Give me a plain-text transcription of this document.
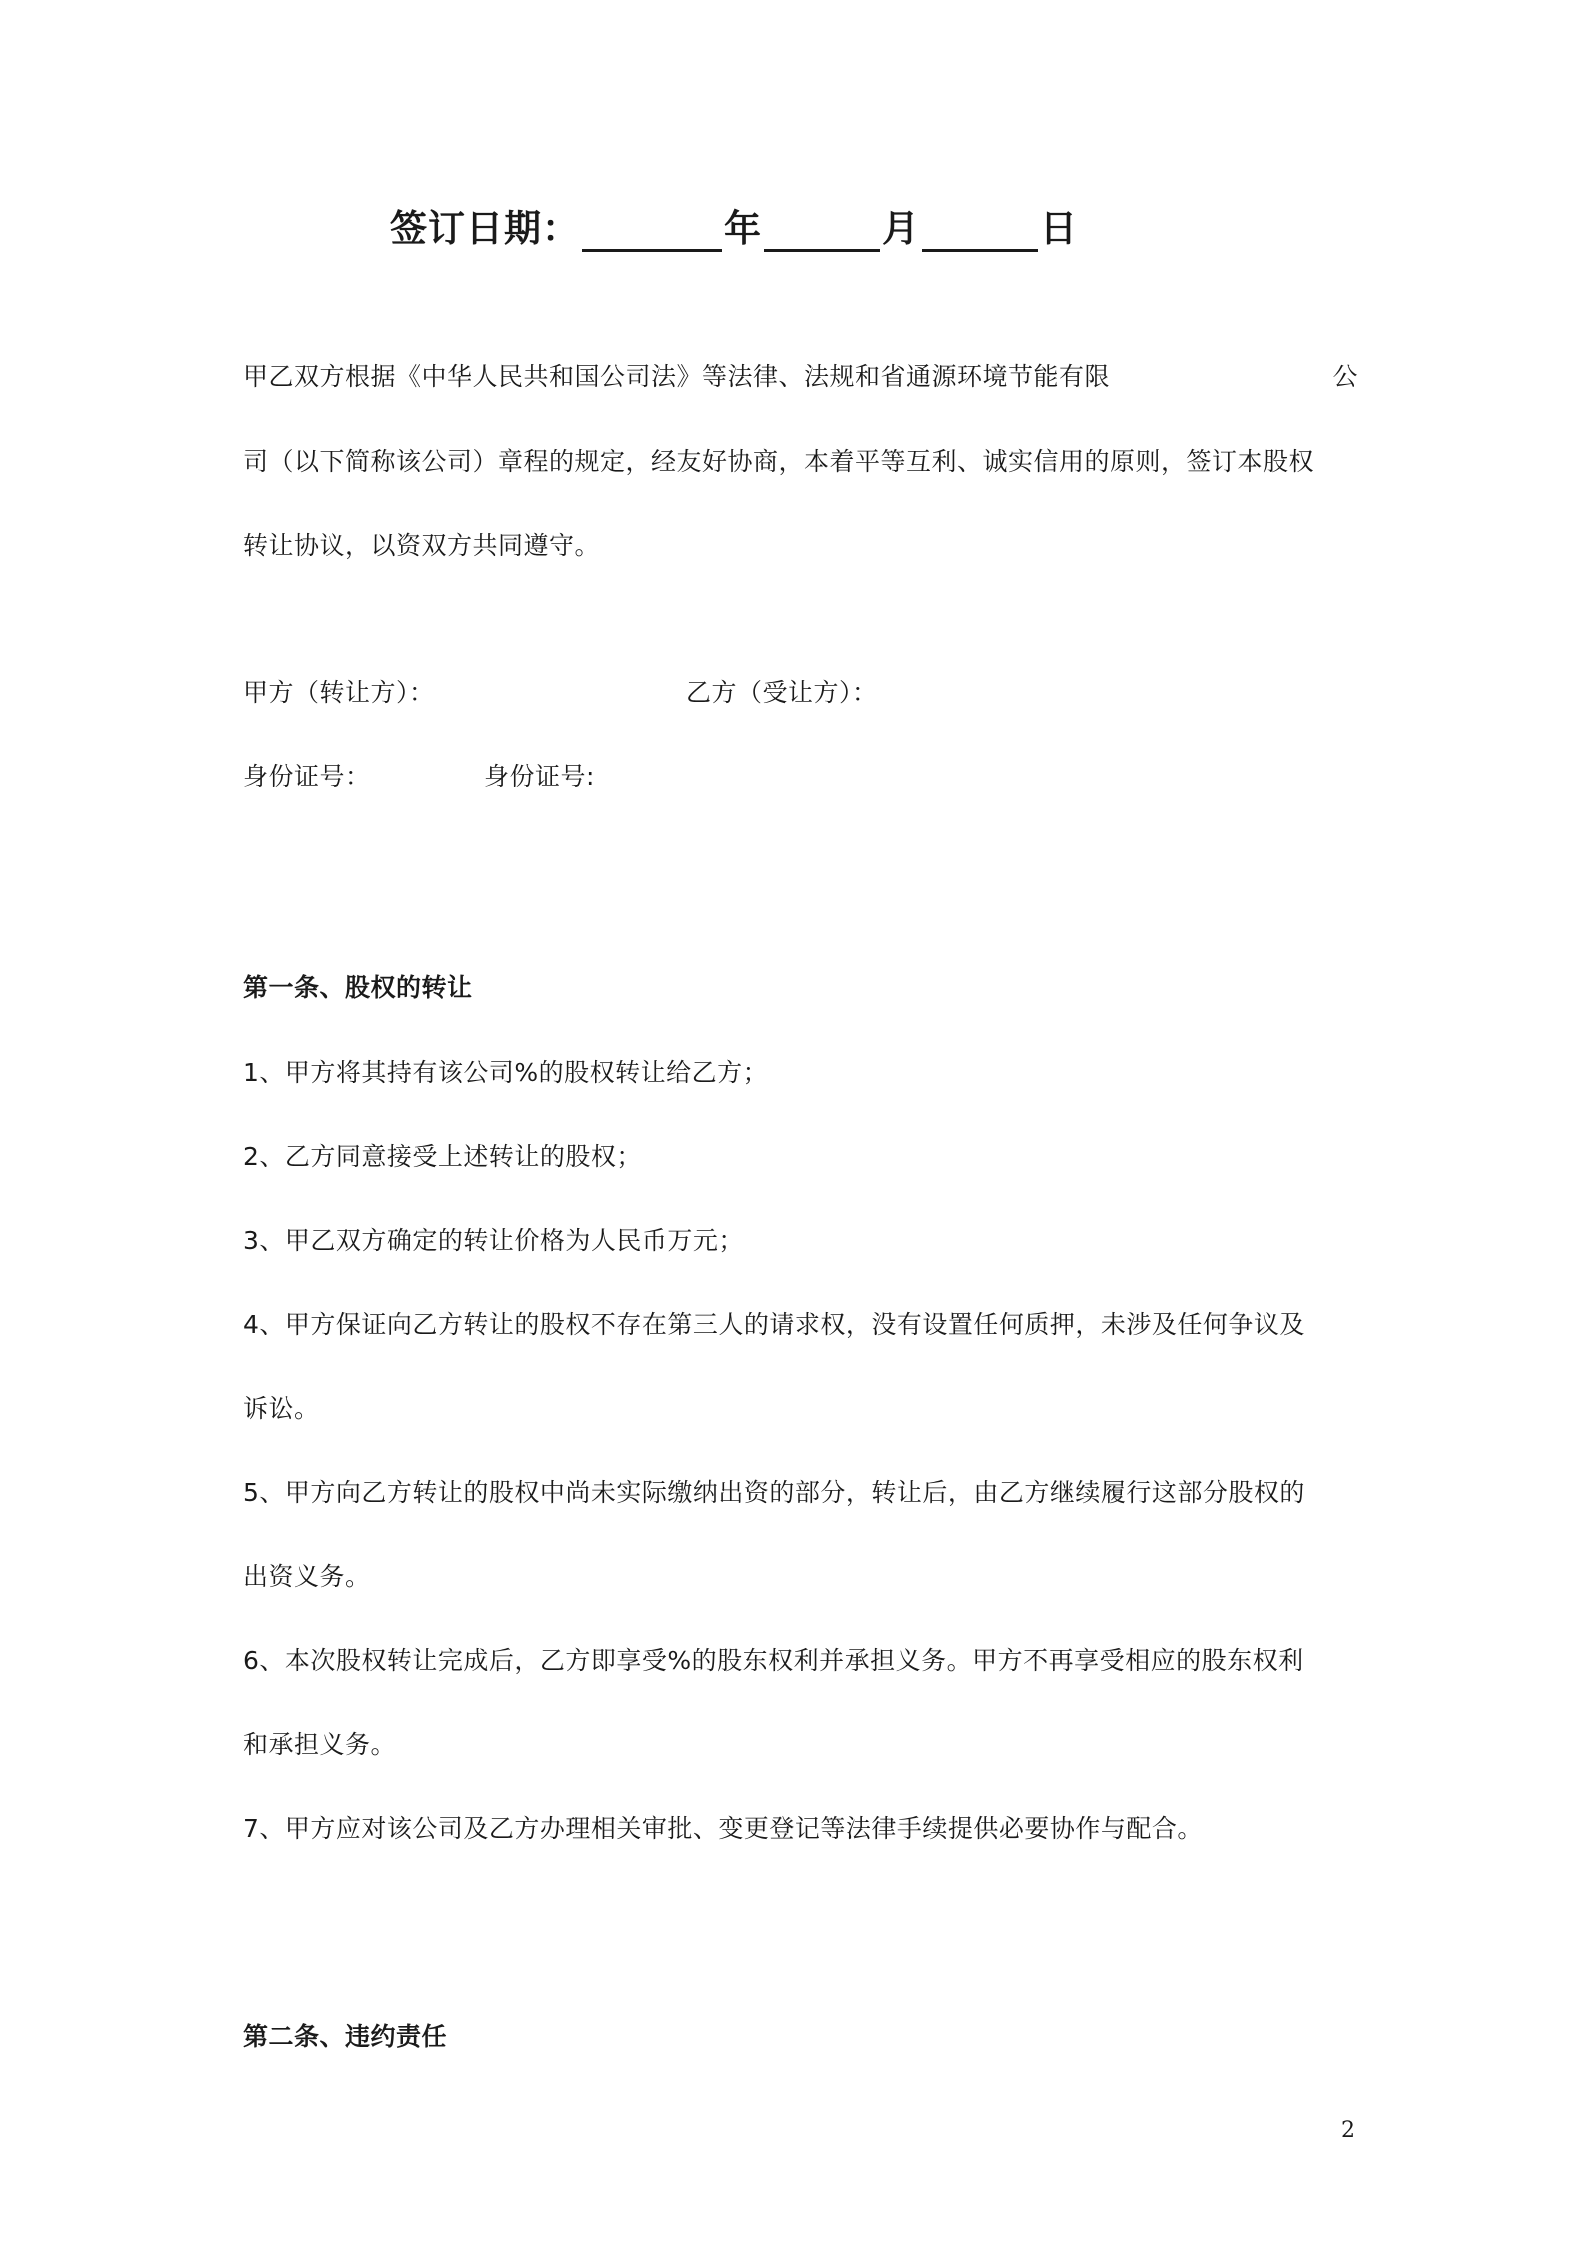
签订日期：	年	月	日
甲乙双方根据《中华人民共和国公司法》等法律、法规和省通源环境节能有限	公
司（以下简称该公司）章程的规定，经友好协商，本着平等互利、诚实信用的原则，签订本股权
转让协议，以资双方共同遵守。
甲方（转让方）：	乙方（受让方）：
身份证号：	身份证号:
第一条、股权的转让
1、甲方将其持有该公司%的股权转让给乙方；
2、乙方同意接受上述转让的股权；
3、甲乙双方确定的转让价格为人民币万元；
4、甲方保证向乙方转让的股权不存在第三人的请求权，没有设置任何质押，未涉及任何争议及
诉讼。
5、甲方向乙方转让的股权中尚未实际缴纳出资的部分，转让后，由乙方继续履行这部分股权的
出资义务。
6、本次股权转让完成后，乙方即享受%的股东权利并承担义务。甲方不再享受相应的股东权利
和承担义务。
7、甲方应对该公司及乙方办理相关审批、变更登记等法律手续提供必要协作与配合。
第二条、违约责任
2
